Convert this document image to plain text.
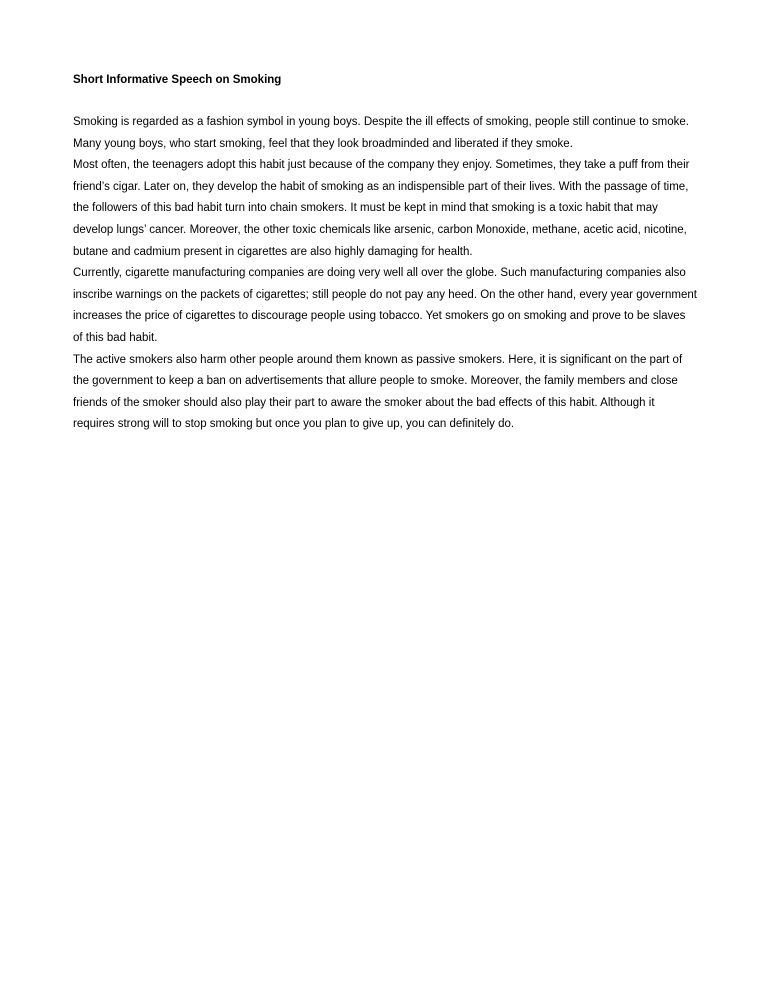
Short Informative Speech on Smoking

Smoking is regarded as a fashion symbol in young boys. Despite the ill effects of smoking, people still continue to smoke. Many young boys, who start smoking, feel that they look broadminded and liberated if they smoke.

Most often, the teenagers adopt this habit just because of the company they enjoy. Sometimes, they take a puff from their friend’s cigar. Later on, they develop the habit of smoking as an indispensible part of their lives. With the passage of time, the followers of this bad habit turn into chain smokers. It must be kept in mind that smoking is a toxic habit that may develop lungs’ cancer. Moreover, the other toxic chemicals like arsenic, carbon Monoxide, methane, acetic acid, nicotine, butane and cadmium present in cigarettes are also highly damaging for health.

Currently, cigarette manufacturing companies are doing very well all over the globe. Such manufacturing companies also inscribe warnings on the packets of cigarettes; still people do not pay any heed. On the other hand, every year government increases the price of cigarettes to discourage people using tobacco. Yet smokers go on smoking and prove to be slaves of this bad habit.

The active smokers also harm other people around them known as passive smokers. Here, it is significant on the part of the government to keep a ban on advertisements that allure people to smoke. Moreover, the family members and close friends of the smoker should also play their part to aware the smoker about the bad effects of this habit. Although it requires strong will to stop smoking but once you plan to give up, you can definitely do.
